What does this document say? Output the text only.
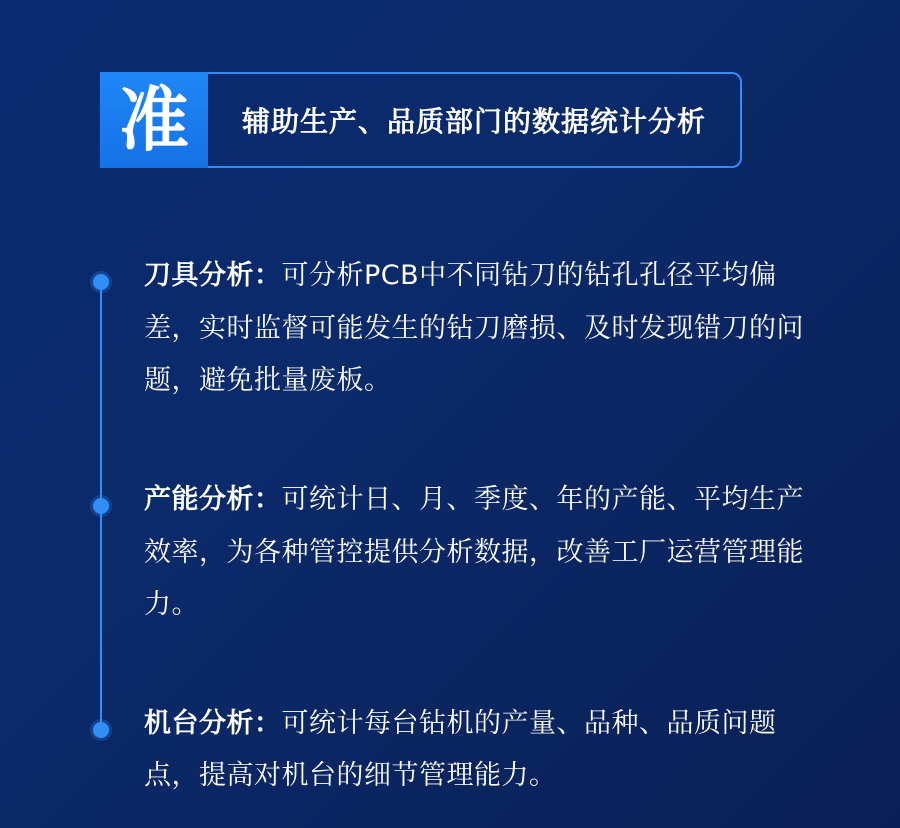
准 辅助生产、品质部门的数据统计分析
刀具分析：可分析PCB中不同钻刀的钻孔孔径平均偏差，实时监督可能发生的钻刀磨损、及时发现错刀的问题，避免批量废板。
产能分析：可统计日、月、季度、年的产能、平均生产效率，为各种管控提供分析数据，改善工厂运营管理能力。
机台分析：可统计每台钻机的产量、品种、品质问题点，提高对机台的细节管理能力。
